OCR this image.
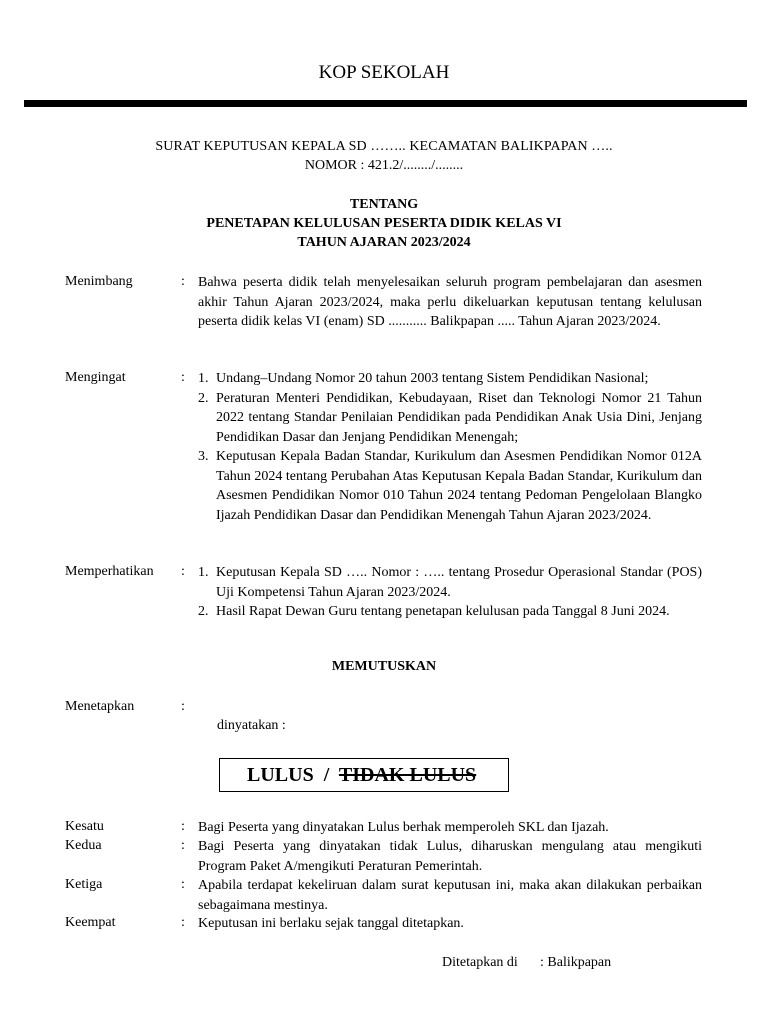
KOP SEKOLAH
SURAT KEPUTUSAN KEPALA SD …….. KECAMATAN BALIKPAPAN …..
NOMOR : 421.2/......../........
TENTANG
PENETAPAN KELULUSAN PESERTA DIDIK KELAS VI
TAHUN AJARAN 2023/2024
Menimbang	: Bahwa peserta didik telah menyelesaikan seluruh program pembelajaran dan asesmen akhir Tahun Ajaran 2023/2024, maka perlu dikeluarkan keputusan tentang kelulusan peserta didik kelas VI (enam) SD ........... Balikpapan ..... Tahun Ajaran 2023/2024.
Mengingat	: 1. Undang–Undang Nomor 20 tahun 2003 tentang Sistem Pendidikan Nasional;
2. Peraturan Menteri Pendidikan, Kebudayaan, Riset dan Teknologi Nomor 21 Tahun 2022 tentang Standar Penilaian Pendidikan pada Pendidikan Anak Usia Dini, Jenjang Pendidikan Dasar dan Jenjang Pendidikan Menengah;
3. Keputusan Kepala Badan Standar, Kurikulum dan Asesmen Pendidikan Nomor 012A Tahun 2024 tentang Perubahan Atas Keputusan Kepala Badan Standar, Kurikulum dan Asesmen Pendidikan Nomor 010 Tahun 2024 tentang Pedoman Pengelolaan Blangko Ijazah Pendidikan Dasar dan Pendidikan Menengah Tahun Ajaran 2023/2024.
Memperhatikan : 1. Keputusan Kepala SD ….. Nomor : ….. tentang Prosedur Operasional Standar (POS) Uji Kompetensi Tahun Ajaran 2023/2024.
2. Hasil Rapat Dewan Guru tentang penetapan kelulusan pada Tanggal 8 Juni 2024.
MEMUTUSKAN
Menetapkan	:
dinyatakan :
LULUS / TIDAK LULUS
Kesatu	: Bagi Peserta yang dinyatakan Lulus berhak memperoleh SKL dan Ijazah.
Kedua	: Bagi Peserta yang dinyatakan tidak Lulus, diharuskan mengulang atau mengikuti Program Paket A/mengikuti Peraturan Pemerintah.
Ketiga	: Apabila terdapat kekeliruan dalam surat keputusan ini, maka akan dilakukan perbaikan sebagaimana mestinya.
Keempat	: Keputusan ini berlaku sejak tanggal ditetapkan.
Ditetapkan di : Balikpapan
